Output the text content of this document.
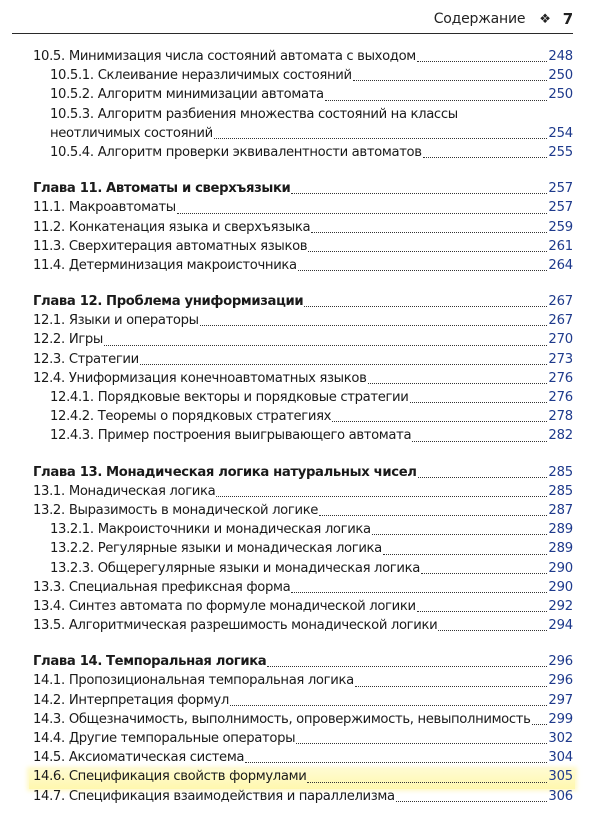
Содержание ❖ 7
10.5. Минимизация числа состояний автомата с выходом	248
10.5.1. Склеивание неразличимых состояний	250
10.5.2. Алгоритм минимизации автомата	250
10.5.3. Алгоритм разбиения множества состояний на классы
неотличимых состояний	254
10.5.4. Алгоритм проверки эквивалентности автоматов	255
Глава 11. Автоматы и сверхъязыки	257
11.1. Макроавтоматы	257
11.2. Конкатенация языка и сверхъязыка	259
11.3. Сверхитерация автоматных языков	261
11.4. Детерминизация макроисточника	264
Глава 12. Проблема униформизации	267
12.1. Языки и операторы	267
12.2. Игры	270
12.3. Стратегии	273
12.4. Униформизация конечноавтоматных языков	276
12.4.1. Порядковые векторы и порядковые стратегии	276
12.4.2. Теоремы о порядковых стратегиях	278
12.4.3. Пример построения выигрывающего автомата	282
Глава 13. Монадическая логика натуральных чисел	285
13.1. Монадическая логика	285
13.2. Выразимость в монадической логике	287
13.2.1. Макроисточники и монадическая логика	289
13.2.2. Регулярные языки и монадическая логика	289
13.2.3. Общерегулярные языки и монадическая логика	290
13.3. Специальная префиксная форма	290
13.4. Синтез автомата по формуле монадической логики	292
13.5. Алгоритмическая разрешимость монадической логики	294
Глава 14. Темпоральная логика	296
14.1. Пропозициональная темпоральная логика	296
14.2. Интерпретация формул	297
14.3. Общезначимость, выполнимость, опровержимость, невыполнимость 299
14.4. Другие темпоральные операторы	302
14.5. Аксиоматическая система	304
14.6. Спецификация свойств формулами	305
14.7. Спецификация взаимодействия и параллелизма	306
